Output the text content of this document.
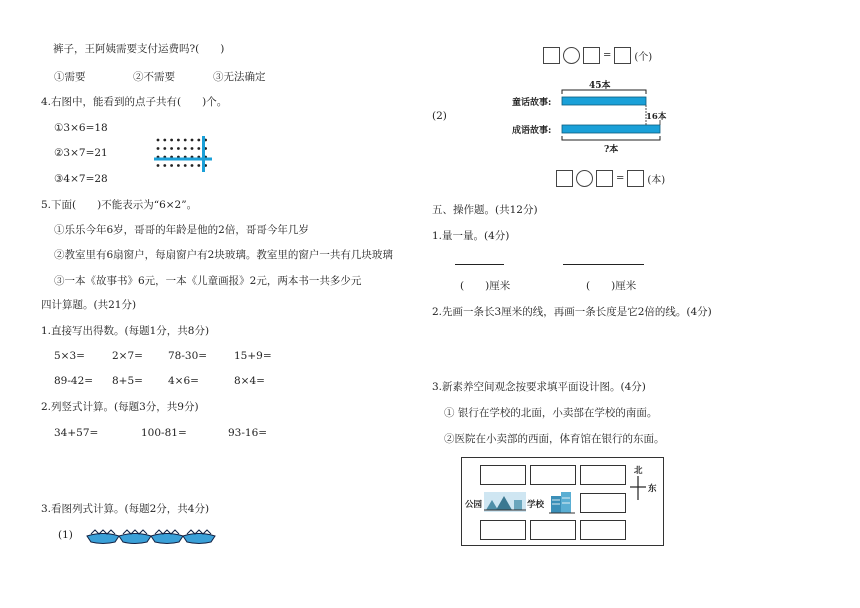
裤子，王阿姨需要支付运费吗?(　　)
①需要	②不需要	③无法确定
4.右图中，能看到的点子共有(　　)个。
①3×6=18
②3×7=21
③4×7=28
5.下面(　　)不能表示为“6×2”。
①乐乐今年6岁，哥哥的年龄是他的2倍，哥哥今年几岁
②教室里有6扇窗户，每扇窗户有2块玻璃。教室里的窗户一共有几块玻璃
③一本《故事书》6元，一本《儿童画报》2元，两本书一共多少元
四计算题。(共21分)
1.直接写出得数。(每题1分，共8分)
5×3=	2×7= 78-30=	15+9=
89-42= 8+5= 4×6=	8×4=
2.列竖式计算。(每题3分，共9分)
34+57=	100-81=	93-16=
3.看图列式计算。(每题2分，共4分)
(1)
= (个)
(2)
45本
童话故事:
成语故事:
16本
?本
= (本)
五、操作题。(共12分)
1.量一量。(4分)
(　　)厘米	(　　)厘米
2.先画一条长3厘米的线，再画一条长度是它2倍的线。(4分)
3.新素养空间观念按要求填平面设计图。(4分)
① 银行在学校的北面，小卖部在学校的南面。
②医院在小卖部的西面，体育馆在银行的东面。
公园	学校
北
东
